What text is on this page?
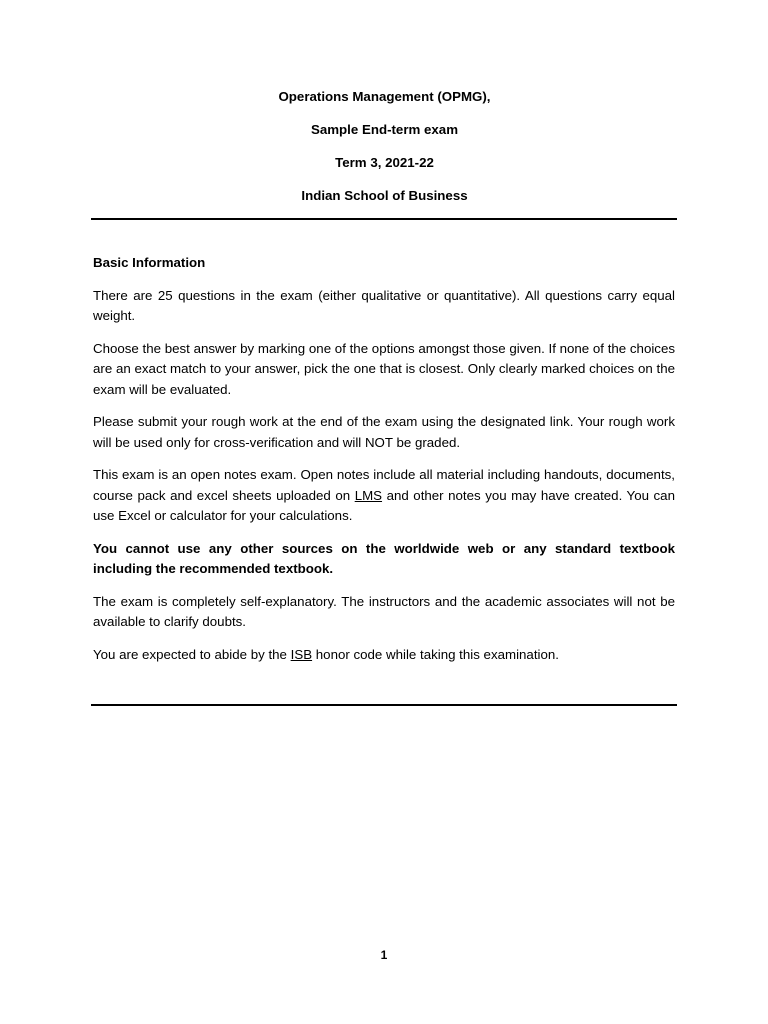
Operations Management (OPMG),

Sample End-term exam

Term 3, 2021-22

Indian School of Business

Basic Information

There are 25 questions in the exam (either qualitative or quantitative). All questions carry equal weight.

Choose the best answer by marking one of the options amongst those given. If none of the choices are an exact match to your answer, pick the one that is closest. Only clearly marked choices on the exam will be evaluated.

Please submit your rough work at the end of the exam using the designated link. Your rough work will be used only for cross-verification and will NOT be graded.

This exam is an open notes exam. Open notes include all material including handouts, documents, course pack and excel sheets uploaded on LMS and other notes you may have created. You can use Excel or calculator for your calculations.

You cannot use any other sources on the worldwide web or any standard textbook including the recommended textbook.

The exam is completely self-explanatory. The instructors and the academic associates will not be available to clarify doubts.

You are expected to abide by the ISB honor code while taking this examination.

1
